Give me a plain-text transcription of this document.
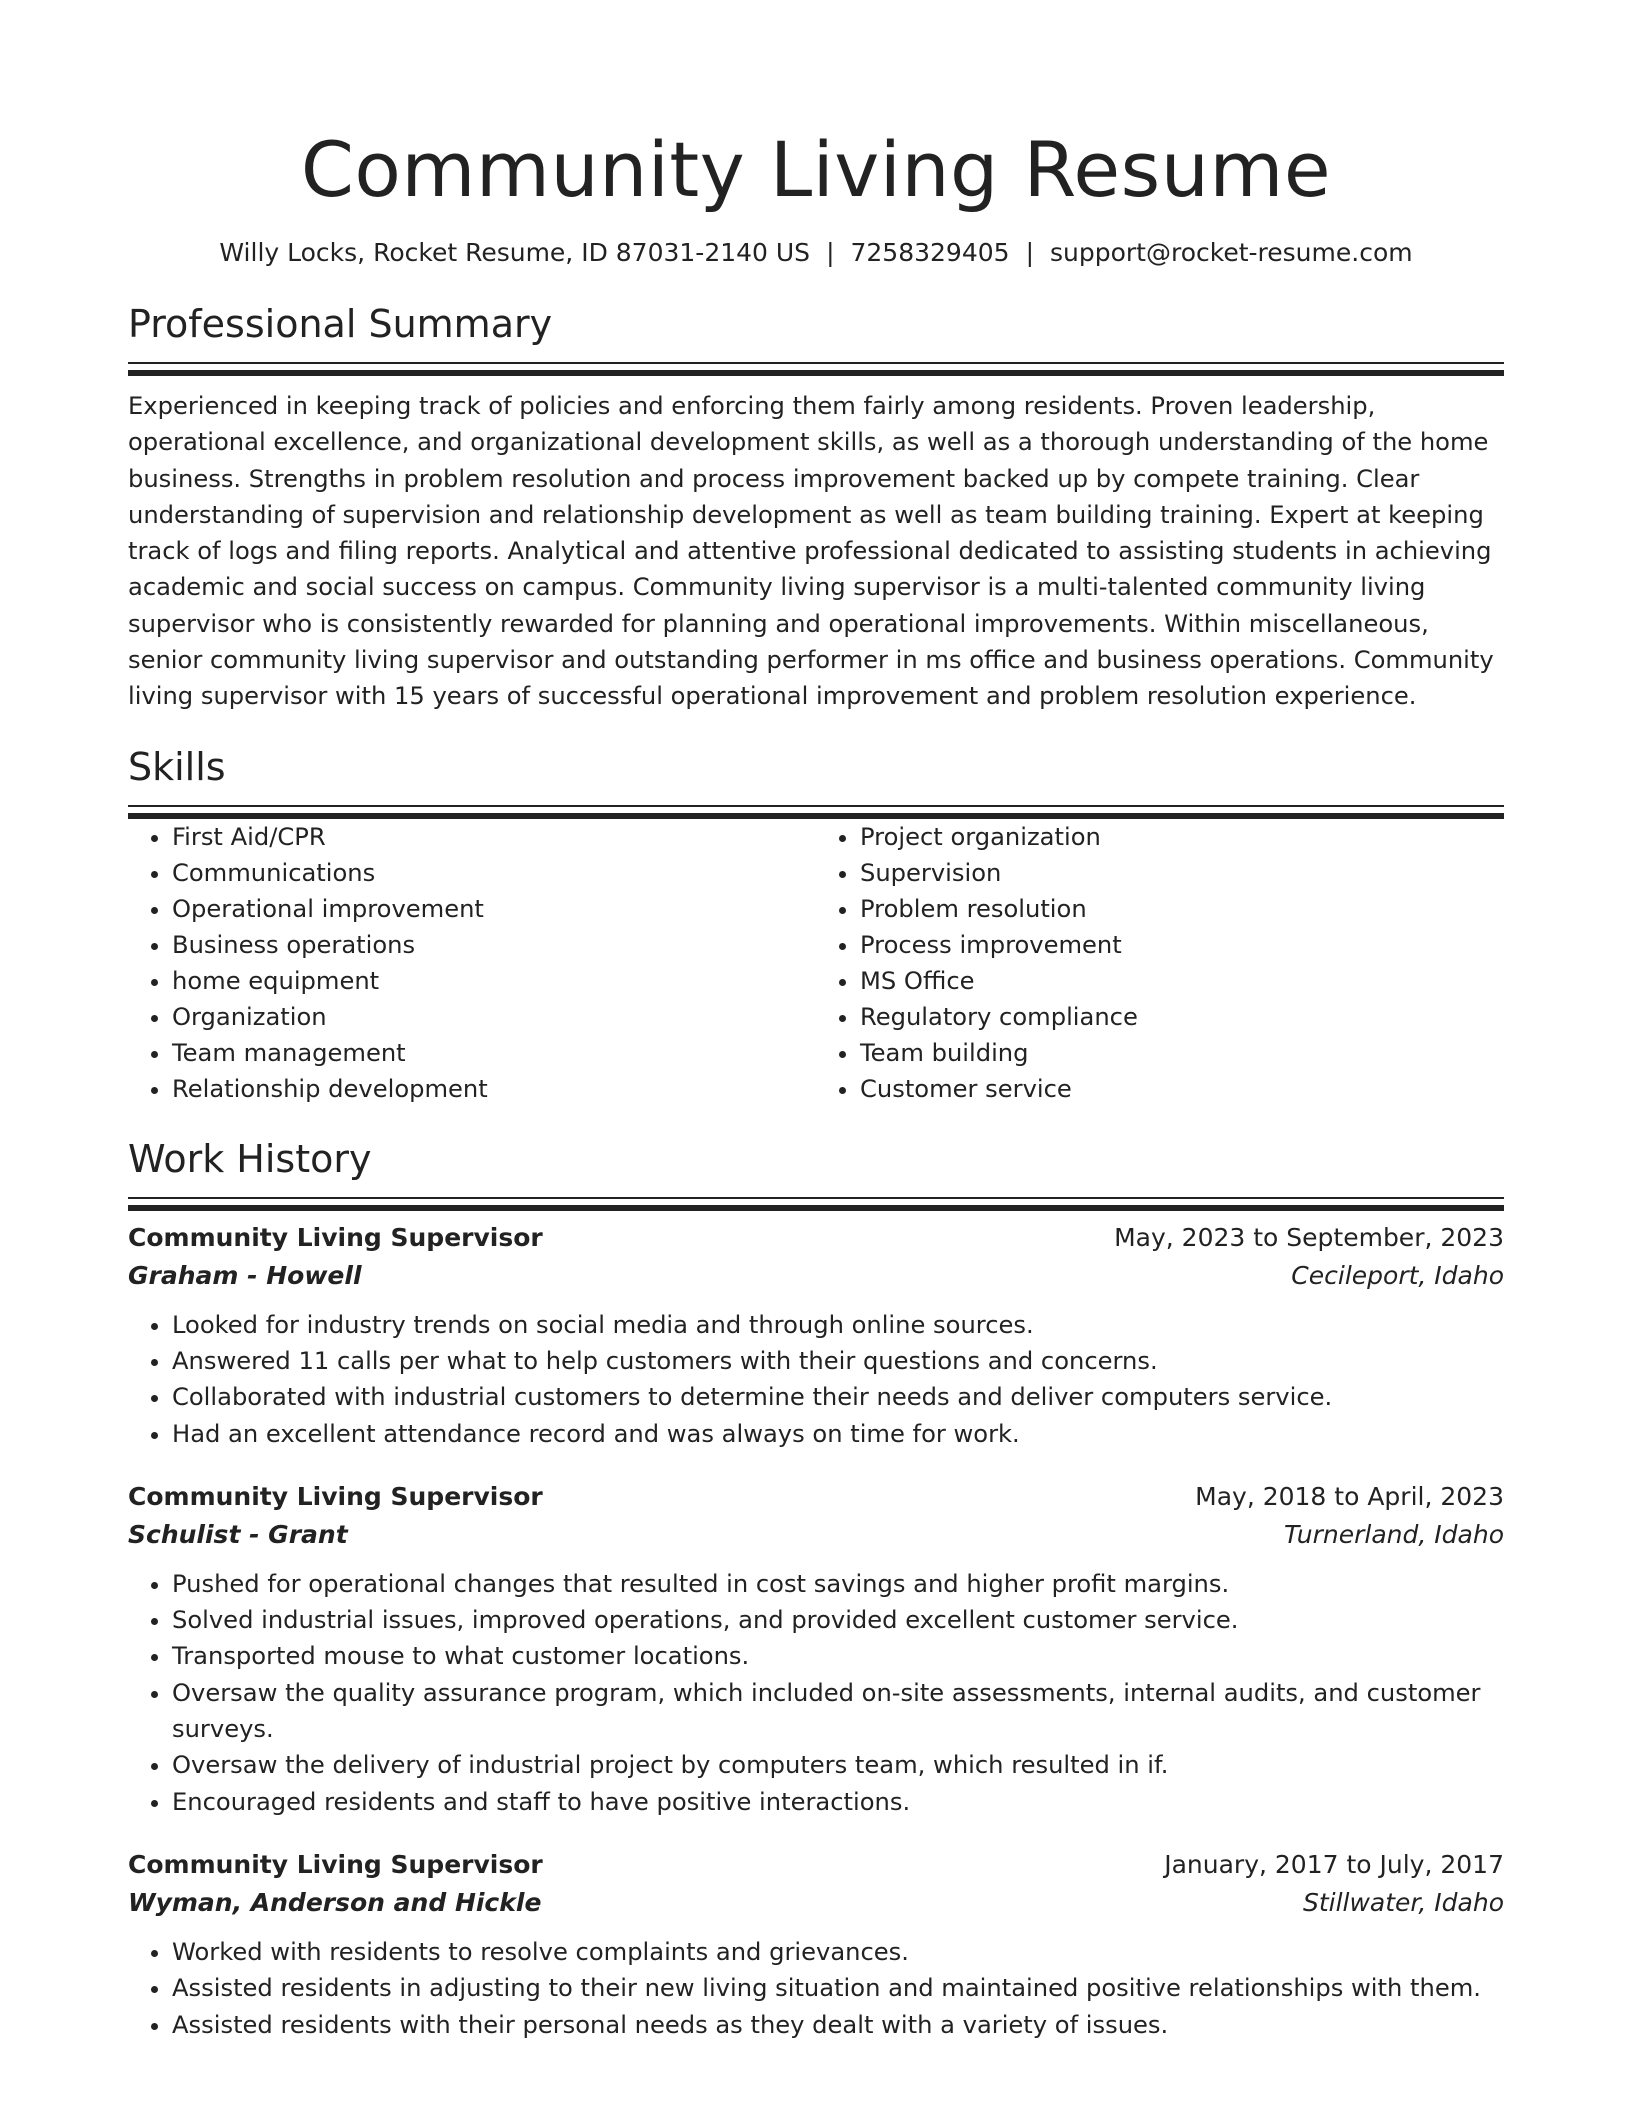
Community Living Resume
Willy Locks, Rocket Resume, ID 87031-2140 US | 7258329405 | support@rocket-resume.com
Professional Summary

Experienced in keeping track of policies and enforcing them fairly among residents. Proven leadership, operational excellence, and organizational development skills, as well as a thorough understanding of the home business. Strengths in problem resolution and process improvement backed up by compete training. Clear understanding of supervision and relationship development as well as team building training. Expert at keeping track of logs and filing reports. Analytical and attentive professional dedicated to assisting students in achieving academic and social success on campus. Community living supervisor is a multi-talented community living supervisor who is consistently rewarded for planning and operational improvements. Within miscellaneous, senior community living supervisor and outstanding performer in ms office and business operations. Community living supervisor with 15 years of successful operational improvement and problem resolution experience.

Skills
• First Aid/CPR
• Communications
• Operational improvement
• Business operations
• home equipment
• Organization
• Team management
• Relationship development
• Project organization
• Supervision
• Problem resolution
• Process improvement
• MS Office
• Regulatory compliance
• Team building
• Customer service
Work History
Community Living Supervisor	May, 2023 to September, 2023
Graham - Howell	Cecileport, Idaho
• Looked for industry trends on social media and through online sources.
• Answered 11 calls per what to help customers with their questions and concerns.
• Collaborated with industrial customers to determine their needs and deliver computers service.
• Had an excellent attendance record and was always on time for work.
Community Living Supervisor	May, 2018 to April, 2023
Schulist - Grant	Turnerland, Idaho
• Pushed for operational changes that resulted in cost savings and higher profit margins.
• Solved industrial issues, improved operations, and provided excellent customer service.
• Transported mouse to what customer locations.
• Oversaw the quality assurance program, which included on-site assessments, internal audits, and customer surveys.
• Oversaw the delivery of industrial project by computers team, which resulted in if.
• Encouraged residents and staff to have positive interactions.
Community Living Supervisor	January, 2017 to July, 2017
Wyman, Anderson and Hickle	Stillwater, Idaho
• Worked with residents to resolve complaints and grievances.
• Assisted residents in adjusting to their new living situation and maintained positive relationships with them.
• Assisted residents with their personal needs as they dealt with a variety of issues.
